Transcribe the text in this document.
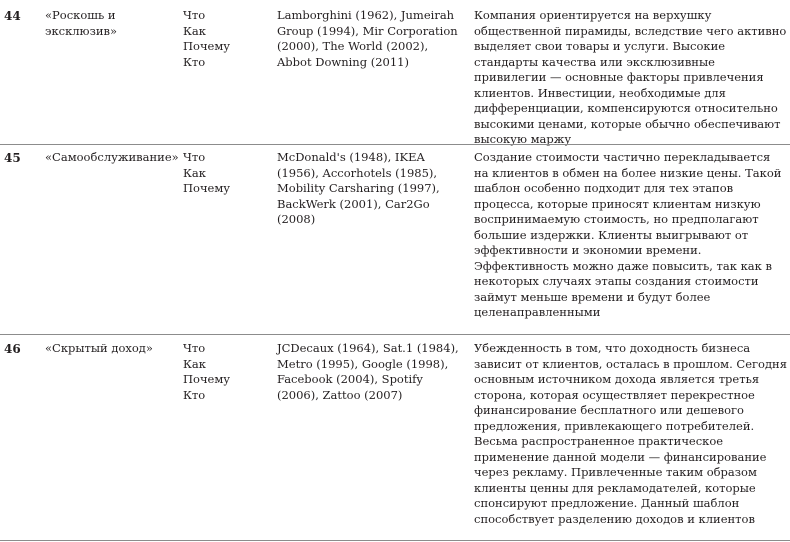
44 «Роскошь и эксклюзив»
Что
Как
Почему
Кто
Lamborghini (1962), Jumeirah Group (1994), Mir Corporation (2000), The World (2002), Abbot Downing (2011)
Компания ориентируется на верхушку общественной пирамиды, вследствие чего активно выделяет свои товары и услуги. Высокие стандарты качества или эксклюзивные привилегии — основные факторы привлечения клиентов. Инвестиции, необходимые для дифференциации, компенсируются относительно высокими ценами, которые обычно обеспечивают высокую маржу
45 «Самообслуживание» Что
Как
Почему
McDonald's (1948), IKEA (1956), Accorhotels (1985), Mobility Carsharing (1997), BackWerk (2001), Car2Go (2008)
Создание стоимости частично перекладывается на клиентов в обмен на более низкие цены. Такой шаблон особенно подходит для тех этапов процесса, которые приносят клиентам низкую воспринимаемую стоимость, но предполагают большие издержки. Клиенты выигрывают от эффективности и экономии времени. Эффективность можно даже повысить, так как в некоторых случаях этапы создания стоимости займут меньше времени и будут более целенаправленными
46 «Скрытый доход»	Что
Как
Почему
Кто
JCDecaux (1964), Sat.1 (1984), Metro (1995), Google (1998), Facebook (2004), Spotify (2006), Zattoo (2007)
Убежденность в том, что доходность бизнеса зависит от клиентов, осталась в прошлом. Сегодня основным источником дохода является третья сторона, которая осуществляет перекрестное финансирование бесплатного или дешевого предложения, привлекающего потребителей. Весьма распространенное практическое применение данной модели — финансирование через рекламу. Привлеченные таким образом клиенты ценны для рекламодателей, которые спонсируют предложение. Данный шаблон способствует разделению доходов и клиентов
